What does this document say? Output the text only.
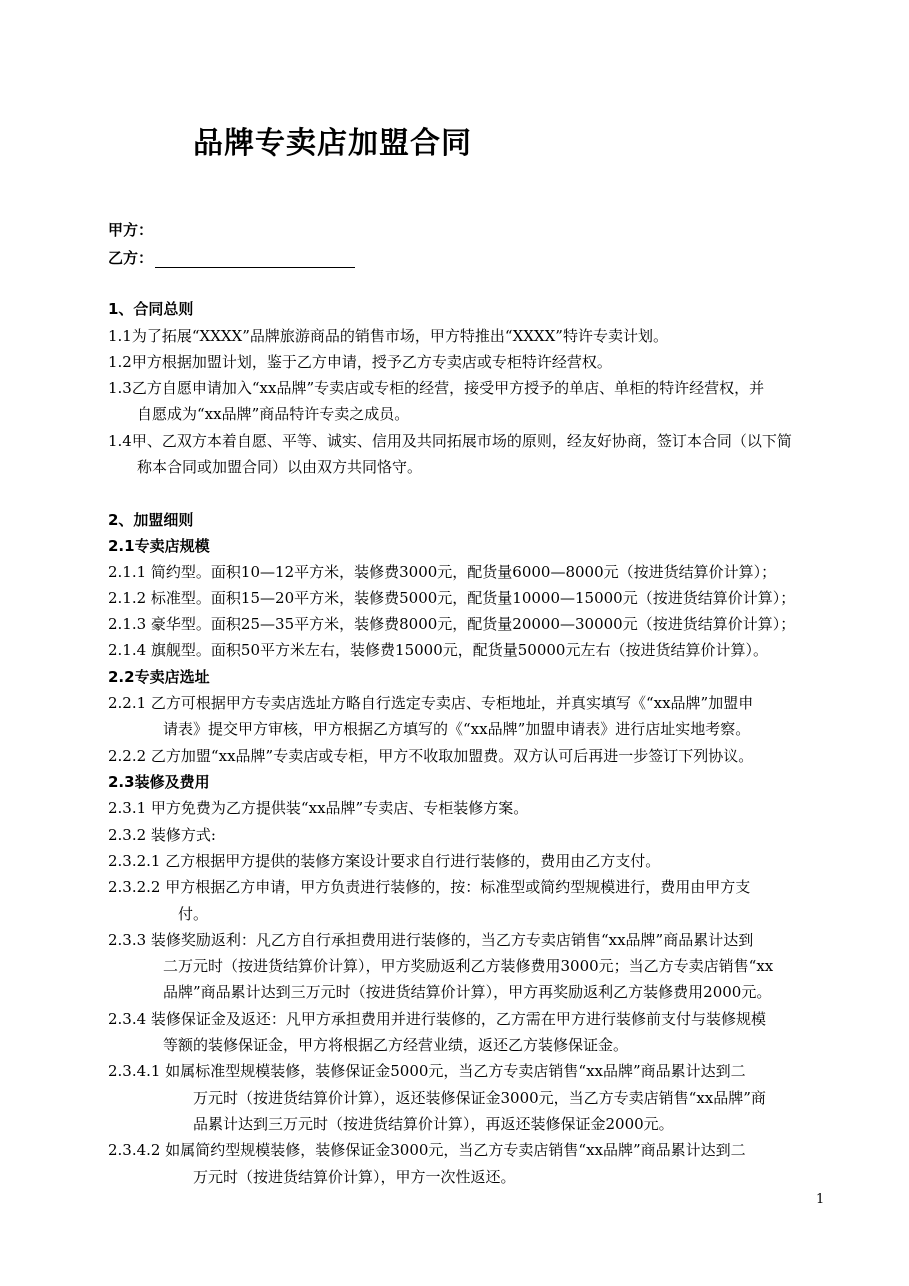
品牌专卖店加盟合同
甲方：
乙方：
1、合同总则
1.1为了拓展“XXXX”品牌旅游商品的销售市场，甲方特推出“XXXX”特许专卖计划。
1.2甲方根据加盟计划，鉴于乙方申请，授予乙方专卖店或专柜特许经营权。
1.3乙方自愿申请加入“xx品牌”专卖店或专柜的经营，接受甲方授予的单店、单柜的特许经营权，并
自愿成为“xx品牌”商品特许专卖之成员。
1.4甲、乙双方本着自愿、平等、诚实、信用及共同拓展市场的原则，经友好协商，签订本合同（以下简
称本合同或加盟合同）以由双方共同恪守。
2、加盟细则
2.1专卖店规模
2.1.1 简约型。面积10—12平方米，装修费3000元，配货量6000—8000元（按进货结算价计算）；
2.1.2 标准型。面积15—20平方米，装修费5000元，配货量10000—15000元（按进货结算价计算）；
2.1.3 豪华型。面积25—35平方米，装修费8000元，配货量20000—30000元（按进货结算价计算）；
2.1.4 旗舰型。面积50平方米左右，装修费15000元，配货量50000元左右（按进货结算价计算）。
2.2专卖店选址
2.2.1 乙方可根据甲方专卖店选址方略自行选定专卖店、专柜地址，并真实填写《“xx品牌”加盟申
请表》提交甲方审核，甲方根据乙方填写的《“xx品牌”加盟申请表》进行店址实地考察。
2.2.2 乙方加盟“xx品牌”专卖店或专柜，甲方不收取加盟费。双方认可后再进一步签订下列协议。
2.3装修及费用
2.3.1 甲方免费为乙方提供装“xx品牌”专卖店、专柜装修方案。
2.3.2 装修方式:
2.3.2.1 乙方根据甲方提供的装修方案设计要求自行进行装修的，费用由乙方支付。
2.3.2.2 甲方根据乙方申请，甲方负责进行装修的，按：标准型或简约型规模进行，费用由甲方支
付。
2.3.3 装修奖励返利：凡乙方自行承担费用进行装修的，当乙方专卖店销售“xx品牌”商品累计达到
二万元时（按进货结算价计算），甲方奖励返利乙方装修费用3000元；当乙方专卖店销售“xx
品牌”商品累计达到三万元时（按进货结算价计算），甲方再奖励返利乙方装修费用2000元。
2.3.4 装修保证金及返还：凡甲方承担费用并进行装修的，乙方需在甲方进行装修前支付与装修规模
等额的装修保证金，甲方将根据乙方经营业绩，返还乙方装修保证金。
2.3.4.1 如属标准型规模装修，装修保证金5000元，当乙方专卖店销售“xx品牌”商品累计达到二
万元时（按进货结算价计算），返还装修保证金3000元，当乙方专卖店销售“xx品牌”商
品累计达到三万元时（按进货结算价计算），再返还装修保证金2000元。
2.3.4.2 如属简约型规模装修，装修保证金3000元，当乙方专卖店销售“xx品牌”商品累计达到二
万元时（按进货结算价计算），甲方一次性返还。
1
